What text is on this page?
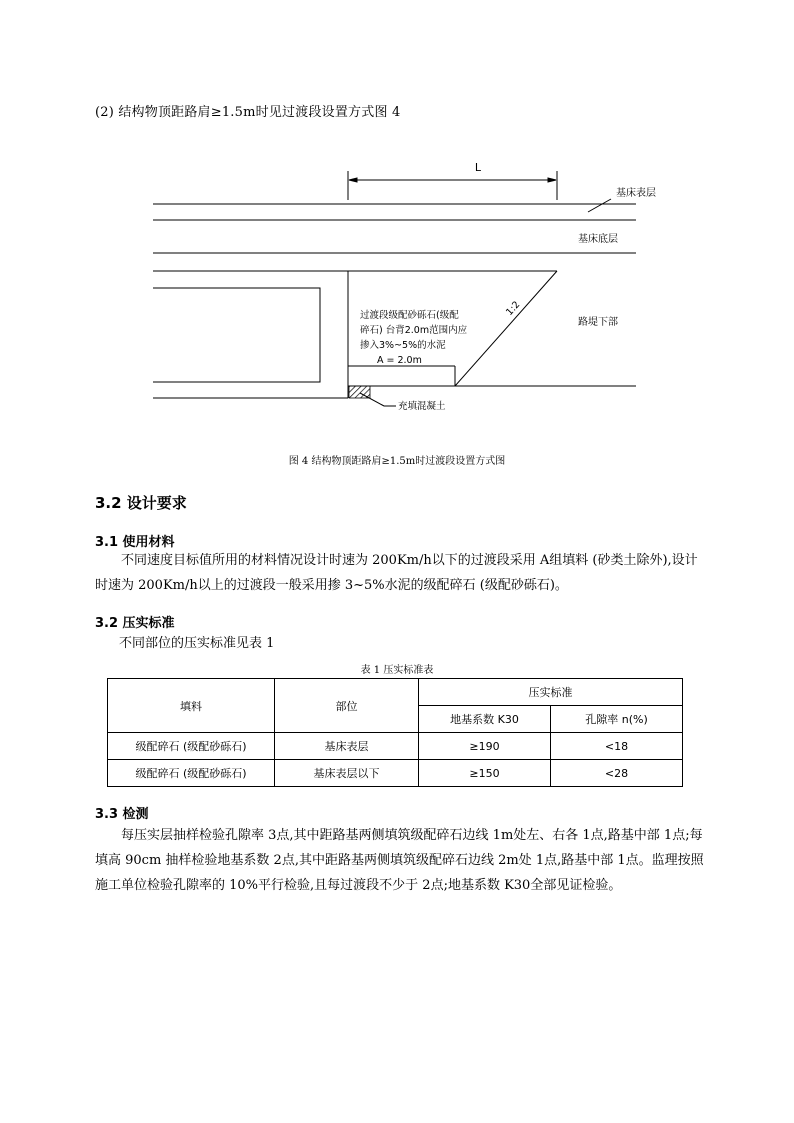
(2) 结构物顶距路肩≥1.5m时见过渡段设置方式图 4
L
基床表层
基床底层
路堤下部
过渡段级配砂砾石(级配
碎石) 台背2.0m范围内应
掺入3%~5%的水泥
A = 2.0m
1:2
充填混凝土
图 4 结构物顶距路肩≥1.5m时过渡段设置方式图
3.2 设计要求
3.1 使用材料
不同速度目标值所用的材料情况设计时速为 200Km/h以下的过渡段采用 A组填料 (砂类土除外),设计时速为 200Km/h以上的过渡段一般采用掺 3~5%水泥的级配碎石 (级配砂砾石)。
3.2 压实标准
不同部位的压实标准见表 1
表 1 压实标准表
填料	部位	压实标准	
		地基系数 K30	孔隙率 n(%)
级配碎石 (级配砂砾石)	基床表层	≥190	<18
级配碎石 (级配砂砾石)	基床表层以下	≥150	<28
3.3 检测
每压实层抽样检验孔隙率 3点,其中距路基两侧填筑级配碎石边线 1m处左、右各 1点,路基中部 1点;每填高 90cm 抽样检验地基系数 2点,其中距路基两侧填筑级配碎石边线 2m处 1点,路基中部 1点。监理按照施工单位检验孔隙率的 10%平行检验,且每过渡段不少于 2点;地基系数 K30全部见证检验。
